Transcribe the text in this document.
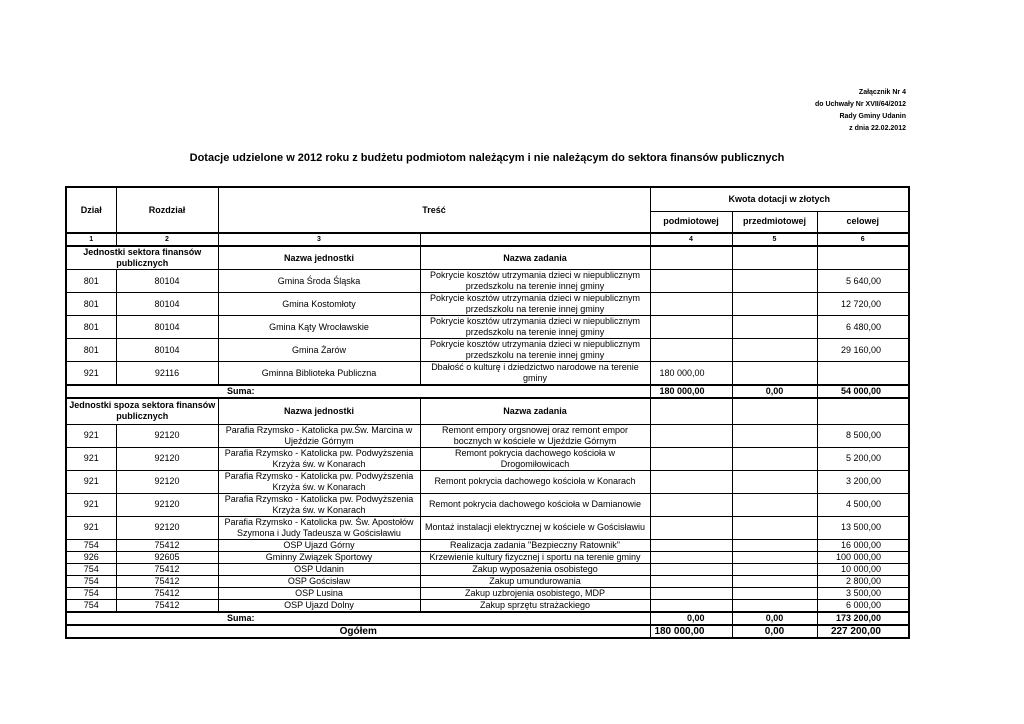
Załącznik Nr 4
do Uchwały Nr XVII/64/2012
Rady Gminy Udanin
z dnia 22.02.2012
Dotacje udzielone w 2012 roku z budżetu podmiotom należącym i nie należącym do sektora finansów publicznych
Dział	Rozdział	Treść		Kwota dotacji w złotych		
				podmiotowej	przedmiotowej	celowej
1	2	3		4	5	6
Jednostki sektora finansów publicznych		Nazwa jednostki	Nazwa zadania			
801	80104	Gmina Środa Śląska	Pokrycie kosztów utrzymania dzieci w niepublicznym przedszkolu na terenie innej gminy			5 640,00
801	80104	Gmina Kostomłoty	Pokrycie kosztów utrzymania dzieci w niepublicznym przedszkolu na terenie innej gminy			12 720,00
801	80104	Gmina Kąty Wrocławskie	Pokrycie kosztów utrzymania dzieci w niepublicznym przedszkolu na terenie innej gminy			6 480,00
801	80104	Gmina Żarów	Pokrycie kosztów utrzymania dzieci w niepublicznym przedszkolu na terenie innej gminy			29 160,00
921	92116	Gminna Biblioteka Publiczna	Dbałość o kulturę i dziedzictwo narodowe na terenie gminy	180 000,00		
Suma:				180 000,00	0,00	54 000,00
Jednostki spoza sektora finansów publicznych		Nazwa jednostki	Nazwa zadania			
921	92120	Parafia Rzymsko - Katolicka pw.Św. Marcina w Ujeździe Górnym	Remont empory orgsnowej oraz remont empor bocznych w kościele w Ujeździe Górnym			8 500,00
921	92120	Parafia Rzymsko - Katolicka pw. Podwyższenia Krzyża św. w Konarach	Remont pokrycia dachowego kościoła w Drogomiłowicach			5 200,00
921	92120	Parafia Rzymsko - Katolicka pw. Podwyższenia Krzyża św. w Konarach	Remont pokrycia dachowego kościoła w Konarach			3 200,00
921	92120	Parafia Rzymsko - Katolicka pw. Podwyższenia Krzyża św. w Konarach	Remont pokrycia dachowego kościoła w Damianowie			4 500,00
921	92120	Parafia Rzymsko - Katolicka pw. Św. Apostołów Szymona i Judy Tadeusza w Gościsławiu	Montaż instalacji elektrycznej w kościele w Gościsławiu			13 500,00
754	75412	OSP Ujazd Górny	Realizacja zadania "Bezpieczny Ratownik"			16 000,00
926	92605	Gminny Związek Sportowy	Krzewienie kultury fizycznej i sportu na terenie gminy			100 000,00
754	75412	OSP Udanin	Zakup wyposażenia osobistego			10 000,00
754	75412	OSP Gościsław	Zakup umundurowania			2 800,00
754	75412	OSP Lusina	Zakup uzbrojenia osobistego, MDP			3 500,00
754	75412	OSP Ujazd Dolny	Zakup sprzętu strażackiego			6 000,00
Suma:				0,00	0,00	173 200,00
Ogółem				180 000,00	0,00	227 200,00
